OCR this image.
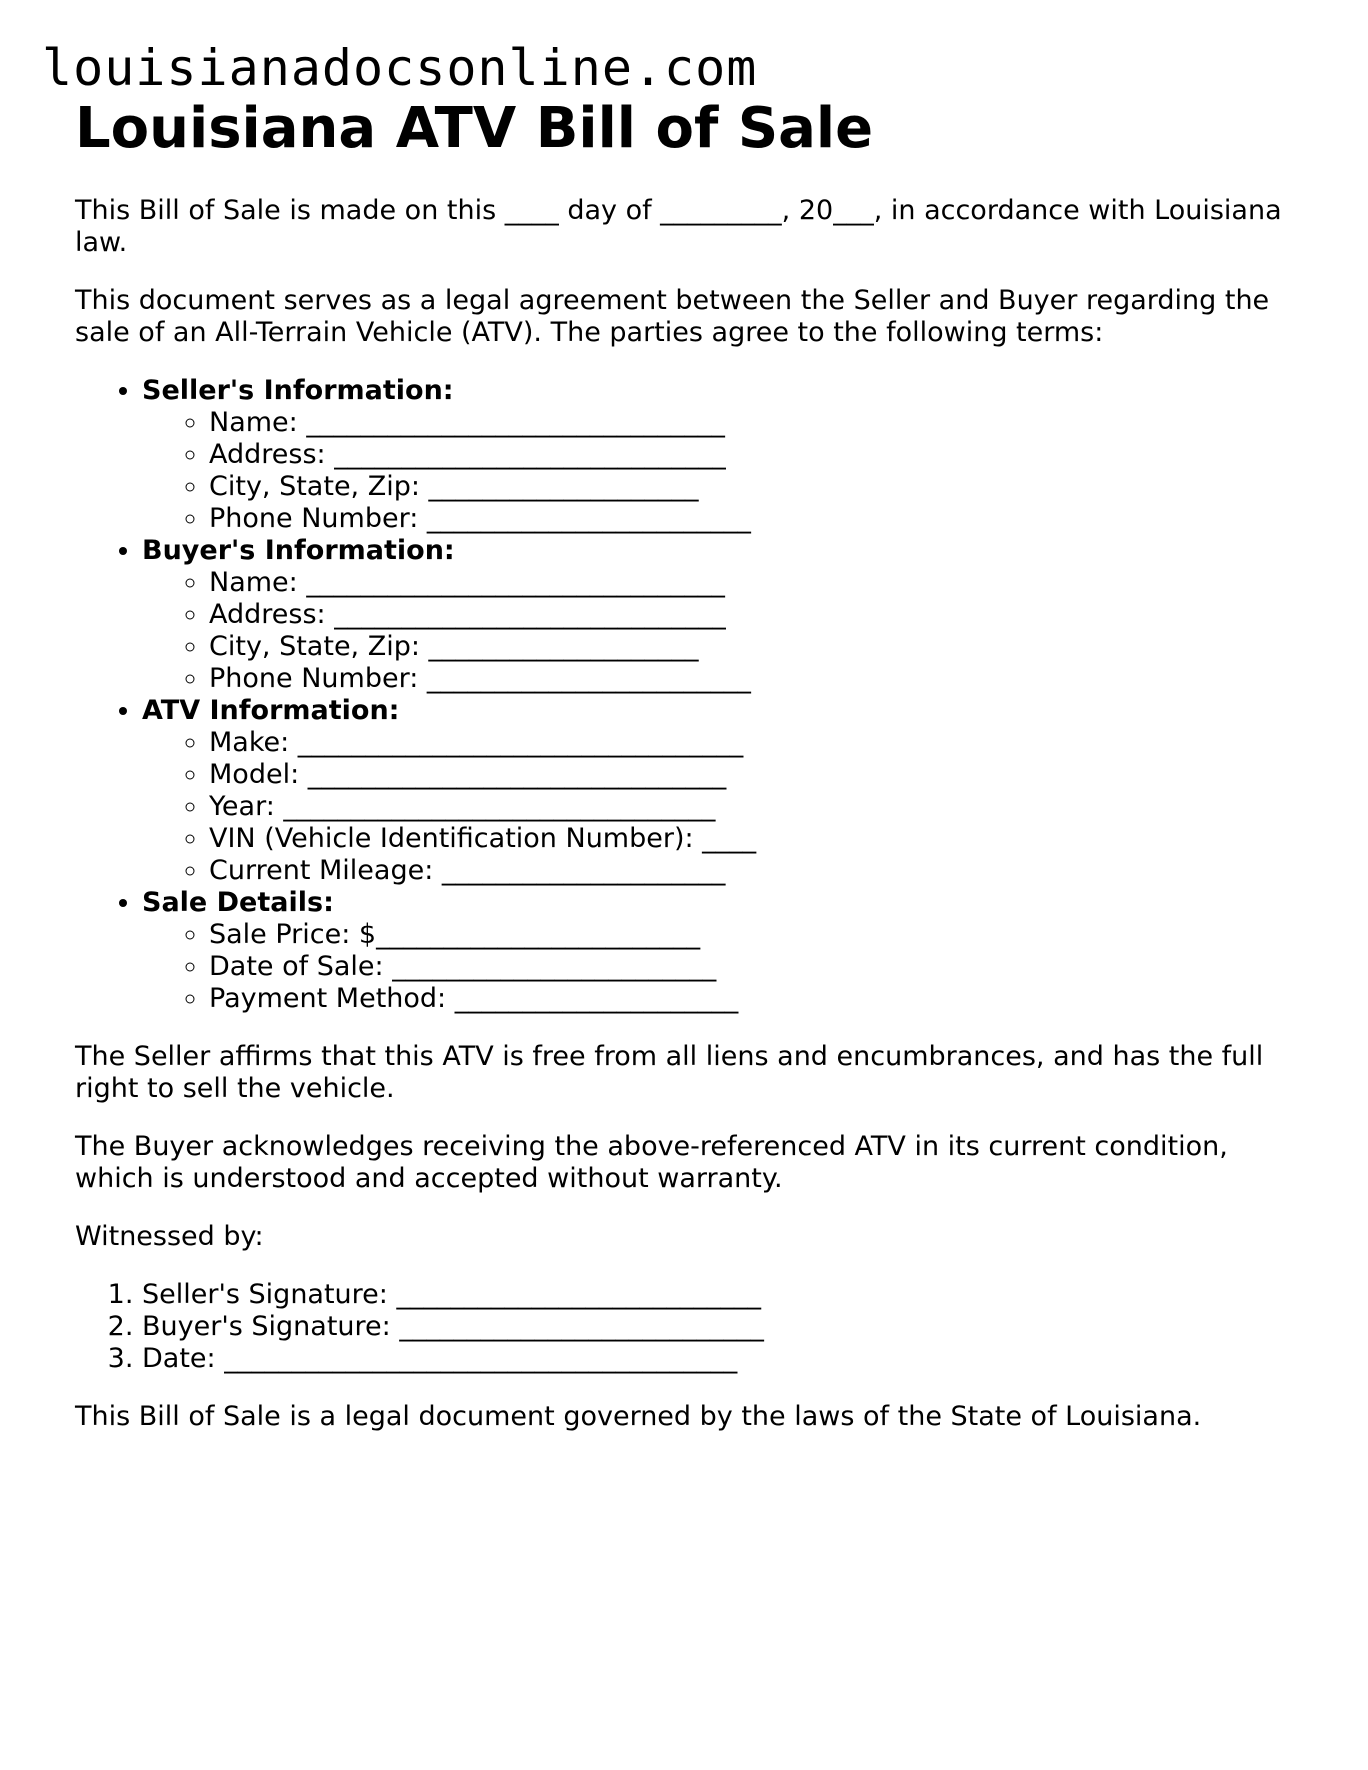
louisianadocsonline.com
Louisiana ATV Bill of Sale

This Bill of Sale is made on this ____ day of _________, 20___, in accordance with Louisiana law.

This document serves as a legal agreement between the Seller and Buyer regarding the sale of an All-Terrain Vehicle (ATV). The parties agree to the following terms:

• Seller's Information:
◦ Name: _______________________________
◦ Address: _____________________________
◦ City, State, Zip: ____________________
◦ Phone Number: ________________________
• Buyer's Information:
◦ Name: _______________________________
◦ Address: _____________________________
◦ City, State, Zip: ____________________
◦ Phone Number: ________________________
• ATV Information:
◦ Make: _________________________________
◦ Model: _______________________________
◦ Year: ________________________________
◦ VIN (Vehicle Identification Number): ____
◦ Current Mileage: _____________________
• Sale Details:
◦ Sale Price: $________________________
◦ Date of Sale: ________________________
◦ Payment Method: _____________________

The Seller affirms that this ATV is free from all liens and encumbrances, and has the full right to sell the vehicle.

The Buyer acknowledges receiving the above-referenced ATV in its current condition, which is understood and accepted without warranty.

Witnessed by:

1. Seller's Signature: ___________________________
2. Buyer's Signature: ___________________________
3. Date: ______________________________________

This Bill of Sale is a legal document governed by the laws of the State of Louisiana.
